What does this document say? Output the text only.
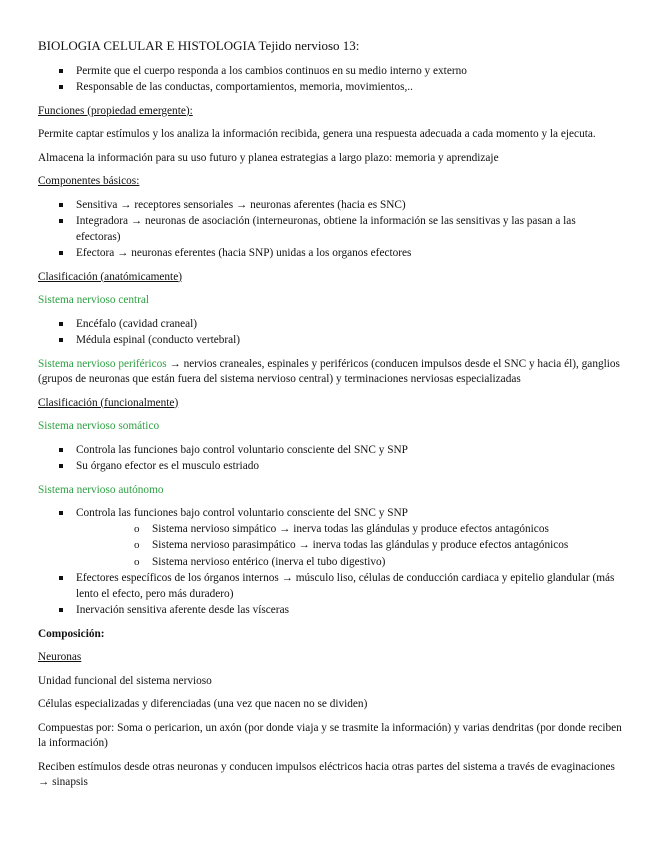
BIOLOGIA CELULAR E HISTOLOGIA Tejido nervioso 13:
Permite que el cuerpo responda a los cambios continuos en su medio interno y externo
Responsable de las conductas, comportamientos, memoria, movimientos,..
Funciones (propiedad emergente):

Permite captar estímulos y los analiza la información recibida, genera una respuesta adecuada a cada momento y la ejecuta.

Almacena la información para su uso futuro y planea estrategias a largo plazo: memoria y aprendizaje

Componentes básicos:
Sensitiva → receptores sensoriales → neuronas aferentes (hacia es SNC)
Integradora → neuronas de asociación (interneuronas, obtiene la información se las sensitivas y las pasan a las efectoras)
Efectora → neuronas eferentes (hacia SNP) unidas a los organos efectores
Clasificación (anatómicamente)
Sistema nervioso central
Encéfalo (cavidad craneal)
Médula espinal (conducto vertebral)

Sistema nervioso periféricos → nervios craneales, espinales y periféricos (conducen impulsos desde el SNC y hacia él), ganglios (grupos de neuronas que están fuera del sistema nervioso central) y terminaciones nerviosas especializadas

Clasificación (funcionalmente)
Sistema nervioso somático
Controla las funciones bajo control voluntario consciente del SNC y SNP
Su órgano efector es el musculo estriado
Sistema nervioso autónomo
Controla las funciones bajo control voluntario consciente del SNC y SNP
o Sistema nervioso simpático → inerva todas las glándulas y produce efectos antagónicos
o Sistema nervioso parasimpático → inerva todas las glándulas y produce efectos antagónicos
o Sistema nervioso entérico (inerva el tubo digestivo)
Efectores específicos de los órganos internos → músculo liso, células de conducción cardiaca y epitelio glandular (más lento el efecto, pero más duradero)
Inervación sensitiva aferente desde las vísceras
Composición:
Neuronas

Unidad funcional del sistema nervioso

Células especializadas y diferenciadas (una vez que nacen no se dividen)

Compuestas por: Soma o pericarion, un axón (por donde viaja y se trasmite la información) y varias dendritas (por donde reciben la información)

Reciben estímulos desde otras neuronas y conducen impulsos eléctricos hacia otras partes del sistema a través de evaginaciones → sinapsis
